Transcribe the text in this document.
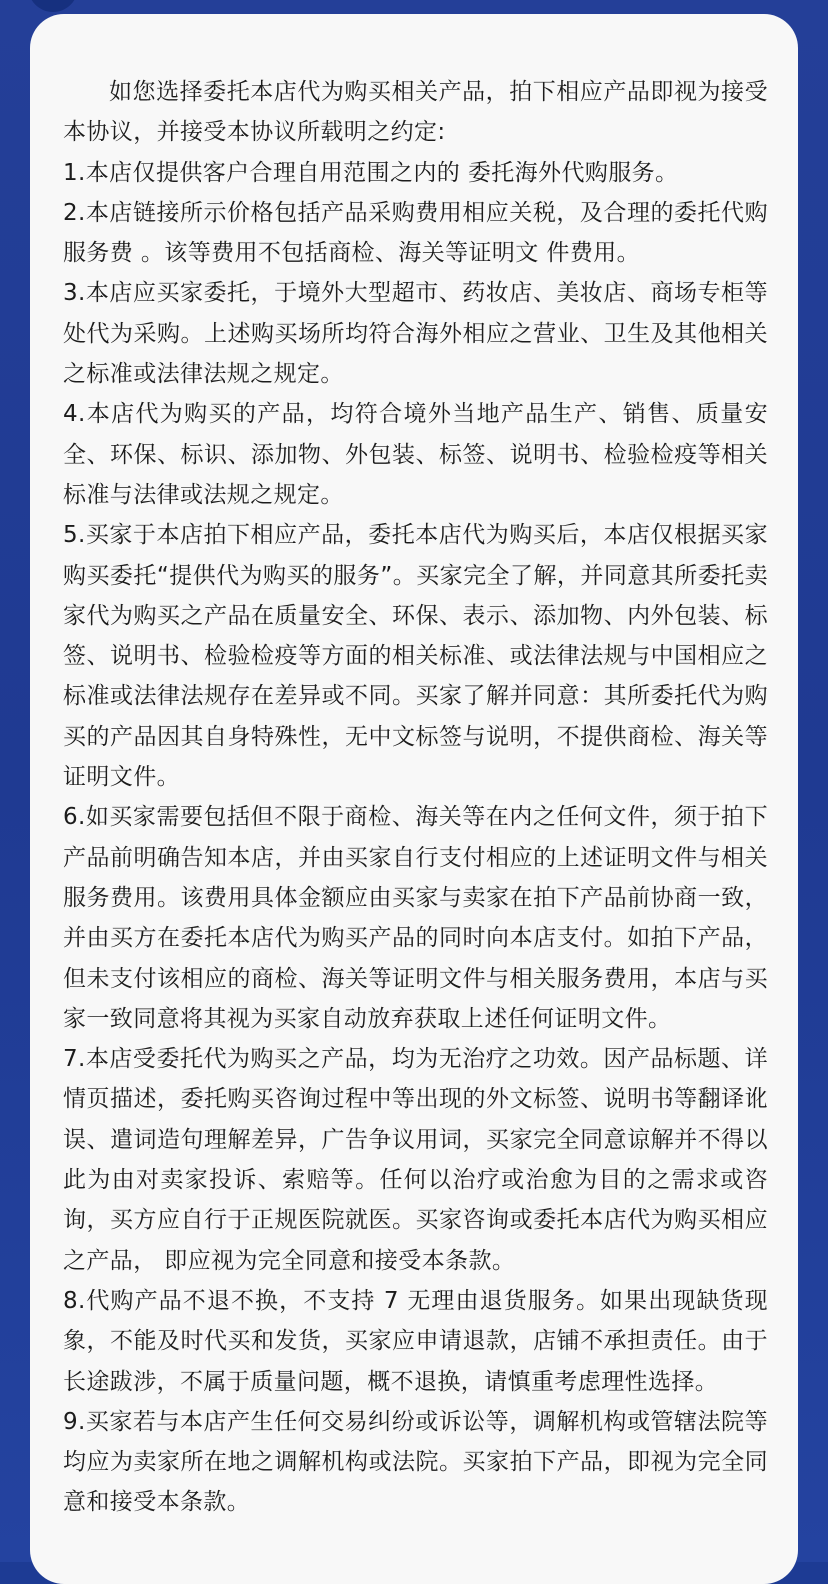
如您选择委托本店代为购买相关产品，拍下相应产品即视为接受本协议，并接受本协议所载明之约定:

1.本店仅提供客户合理自用范围之内的 委托海外代购服务。

2.本店链接所示价格包括产品采购费用相应关税，及合理的委托代购服务费 。该等费用不包括商检、海关等证明文 件费用。

3.本店应买家委托，于境外大型超市、药妆店、美妆店、商场专柜等处代为采购。上述购买场所均符合海外相应之营业、卫生及其他相关之标准或法律法规之规定。

4.本店代为购买的产品，均符合境外当地产品生产、销售、质量安全、环保、标识、添加物、外包装、标签、说明书、检验检疫等相关标准与法律或法规之规定。

5.买家于本店拍下相应产品，委托本店代为购买后，本店仅根据买家购买委托“提供代为购买的服务”。买家完全了解，并同意其所委托卖家代为购买之产品在质量安全、环保、表示、添加物、内外包装、标签、说明书、检验检疫等方面的相关标准、或法律法规与中国相应之标准或法律法规存在差异或不同。买家了解并同意：其所委托代为购买的产品因其自身特殊性，无中文标签与说明，不提供商检、海关等证明文件。

6.如买家需要包括但不限于商检、海关等在内之任何文件，须于拍下产品前明确告知本店，并由买家自行支付相应的上述证明文件与相关服务费用。该费用具体金额应由买家与卖家在拍下产品前协商一致，并由买方在委托本店代为购买产品的同时向本店支付。如拍下产品，但未支付该相应的商检、海关等证明文件与相关服务费用，本店与买家一致同意将其视为买家自动放弃获取上述任何证明文件。

7.本店受委托代为购买之产品，均为无治疗之功效。因产品标题、详情页描述，委托购买咨询过程中等出现的外文标签、说明书等翻译讹误、遣词造句理解差异，广告争议用词，买家完全同意谅解并不得以此为由对卖家投诉、索赔等。任何以治疗或治愈为目的之需求或咨询，买方应自行于正规医院就医。买家咨询或委托本店代为购买相应之产品， 即应视为完全同意和接受本条款。

8.代购产品不退不换，不支持 7 无理由退货服务。如果出现缺货现象，不能及时代买和发货，买家应申请退款，店铺不承担责任。由于长途跋涉，不属于质量问题，概不退换，请慎重考虑理性选择。

9.买家若与本店产生任何交易纠纷或诉讼等，调解机构或管辖法院等均应为卖家所在地之调解机构或法院。买家拍下产品，即视为完全同意和接受本条款。
